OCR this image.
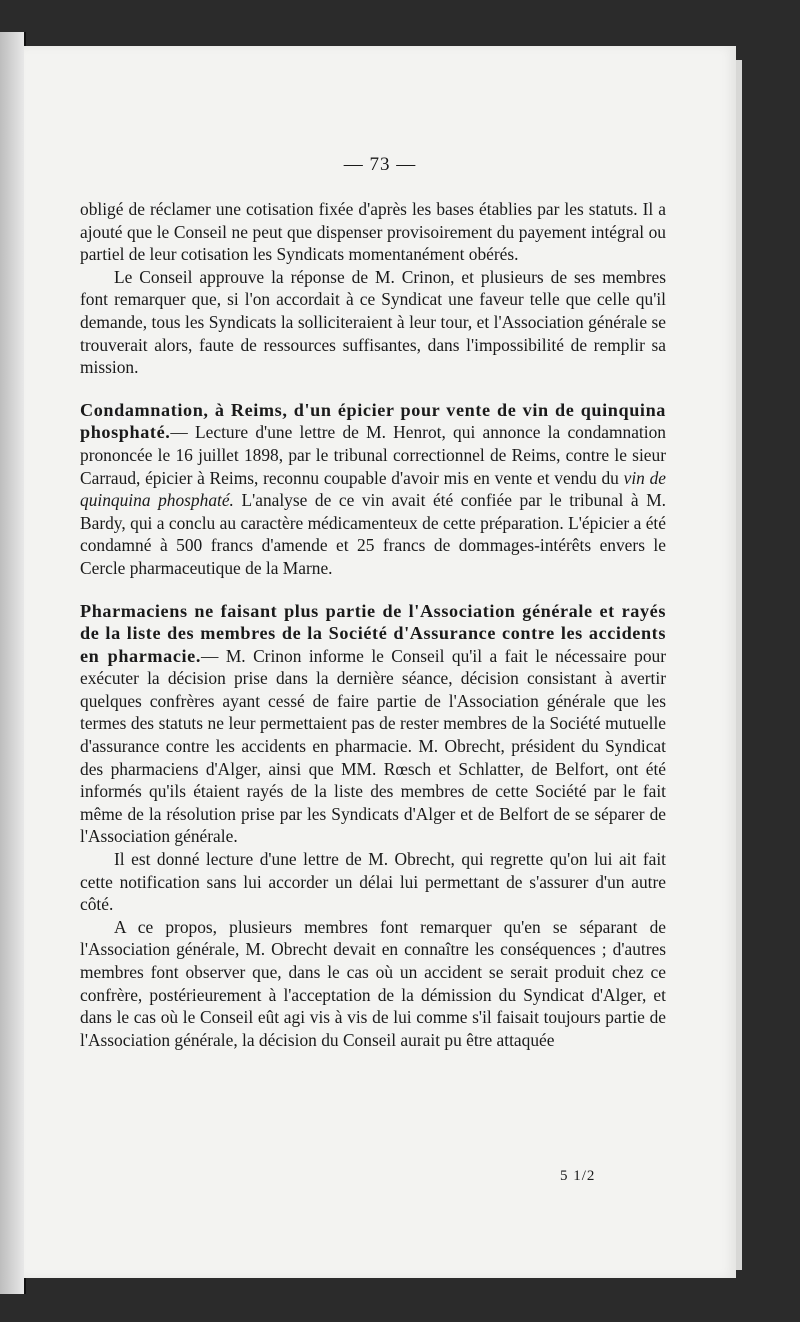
— 73 —

obligé de réclamer une cotisation fixée d'après les bases établies par les statuts. Il a ajouté que le Conseil ne peut que dispenser provisoirement du payement intégral ou partiel de leur cotisation les Syndicats momentanément obérés.

Le Conseil approuve la réponse de M. Crinon, et plusieurs de ses membres font remarquer que, si l'on accordait à ce Syndicat une faveur telle que celle qu'il demande, tous les Syndicats la solliciteraient à leur tour, et l'Association générale se trouverait alors, faute de ressources suffisantes, dans l'impossibilité de remplir sa mission.

Condamnation, à Reims, d'un épicier pour vente de vin de quinquina phosphaté.— Lecture d'une lettre de M. Henrot, qui annonce la condamnation prononcée le 16 juillet 1898, par le tribunal correctionnel de Reims, contre le sieur Carraud, épicier à Reims, reconnu coupable d'avoir mis en vente et vendu du vin de quinquina phosphaté. L'analyse de ce vin avait été confiée par le tribunal à M. Bardy, qui a conclu au caractère médicamenteux de cette préparation. L'épicier a été condamné à 500 francs d'amende et 25 francs de dommages-intérêts envers le Cercle pharmaceutique de la Marne.

Pharmaciens ne faisant plus partie de l'Association générale et rayés de la liste des membres de la Société d'Assurance contre les accidents en pharmacie.— M. Crinon informe le Conseil qu'il a fait le nécessaire pour exécuter la décision prise dans la dernière séance, décision consistant à avertir quelques confrères ayant cessé de faire partie de l'Association générale que les termes des statuts ne leur permettaient pas de rester membres de la Société mutuelle d'assurance contre les accidents en pharmacie. M. Obrecht, président du Syndicat des pharmaciens d'Alger, ainsi que MM. Rœsch et Schlatter, de Belfort, ont été informés qu'ils étaient rayés de la liste des membres de cette Société par le fait même de la résolution prise par les Syndicats d'Alger et de Belfort de se séparer de l'Association générale.

Il est donné lecture d'une lettre de M. Obrecht, qui regrette qu'on lui ait fait cette notification sans lui accorder un délai lui permettant de s'assurer d'un autre côté.

A ce propos, plusieurs membres font remarquer qu'en se séparant de l'Association générale, M. Obrecht devait en connaître les conséquences ; d'autres membres font observer que, dans le cas où un accident se serait produit chez ce confrère, postérieurement à l'acceptation de la démission du Syndicat d'Alger, et dans le cas où le Conseil eût agi vis à vis de lui comme s'il faisait toujours partie de l'Association générale, la décision du Conseil aurait pu être attaquée

5 1/2
